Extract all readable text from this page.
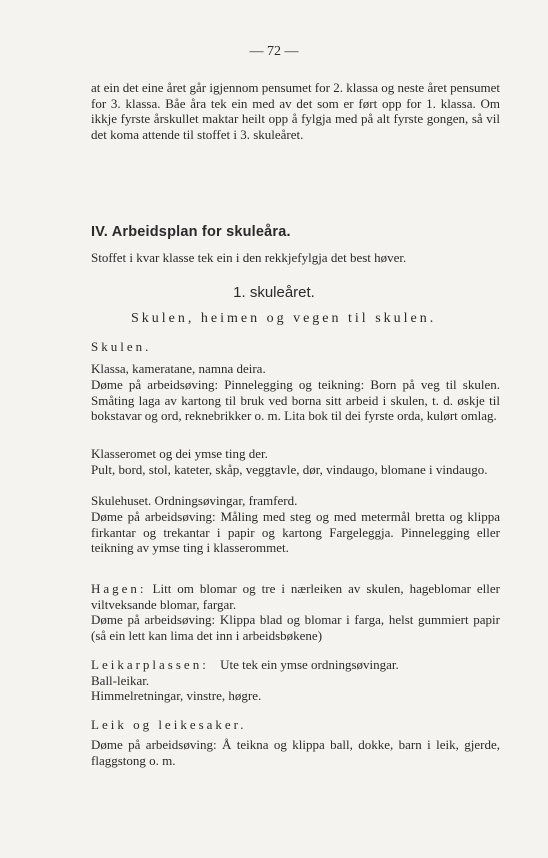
— 72 —
at ein det eine året går igjennom pensumet for 2. klassa og neste året pensumet for 3. klassa. Båe åra tek ein med av det som er ført opp for 1. klassa. Om ikkje fyrste årskullet maktar heilt opp å fylgja med på alt fyrste gongen, så vil det koma attende til stoffet i 3. skuleåret.
IV. Arbeidsplan for skuleåra.
Stoffet i kvar klasse tek ein i den rekkjefylgja det best høver.
1. skuleåret.
Skulen, heimen og vegen til skulen.
Skulen.
Klassa, kameratane, namna deira.
Døme på arbeidsøving: Pinnelegging og teikning: Born på veg til skulen. Småting laga av kartong til bruk ved borna sitt arbeid i skulen, t. d. øskje til bokstavar og ord, reknebrikker o. m. Lita bok til dei fyrste orda, kulørt omlag.
Klasseromet og dei ymse ting der.
Pult, bord, stol, kateter, skåp, veggtavle, dør, vindaugo, blomane i vindaugo.
Skulehuset. Ordningsøvingar, framferd.
Døme på arbeidsøving: Måling med steg og med metermål bretta og klippa firkantar og trekantar i papir og kartong Fargeleggja. Pinnelegging eller teikning av ymse ting i klasserommet.
Hagen: Litt om blomar og tre i nærleiken av skulen, hageblomar eller viltveksande blomar, fargar.
Døme på arbeidsøving: Klippa blad og blomar i farga, helst gummiert papir (så ein lett kan lima det inn i arbeidsbøkene)
Leikarplassen: Ute tek ein ymse ordningsøvingar.
Ball-leikar.
Himmelretningar, vinstre, høgre.
Leik og leikesaker.
Døme på arbeidsøving: Å teikna og klippa ball, dokke, barn i leik, gjerde, flaggstong o. m.
